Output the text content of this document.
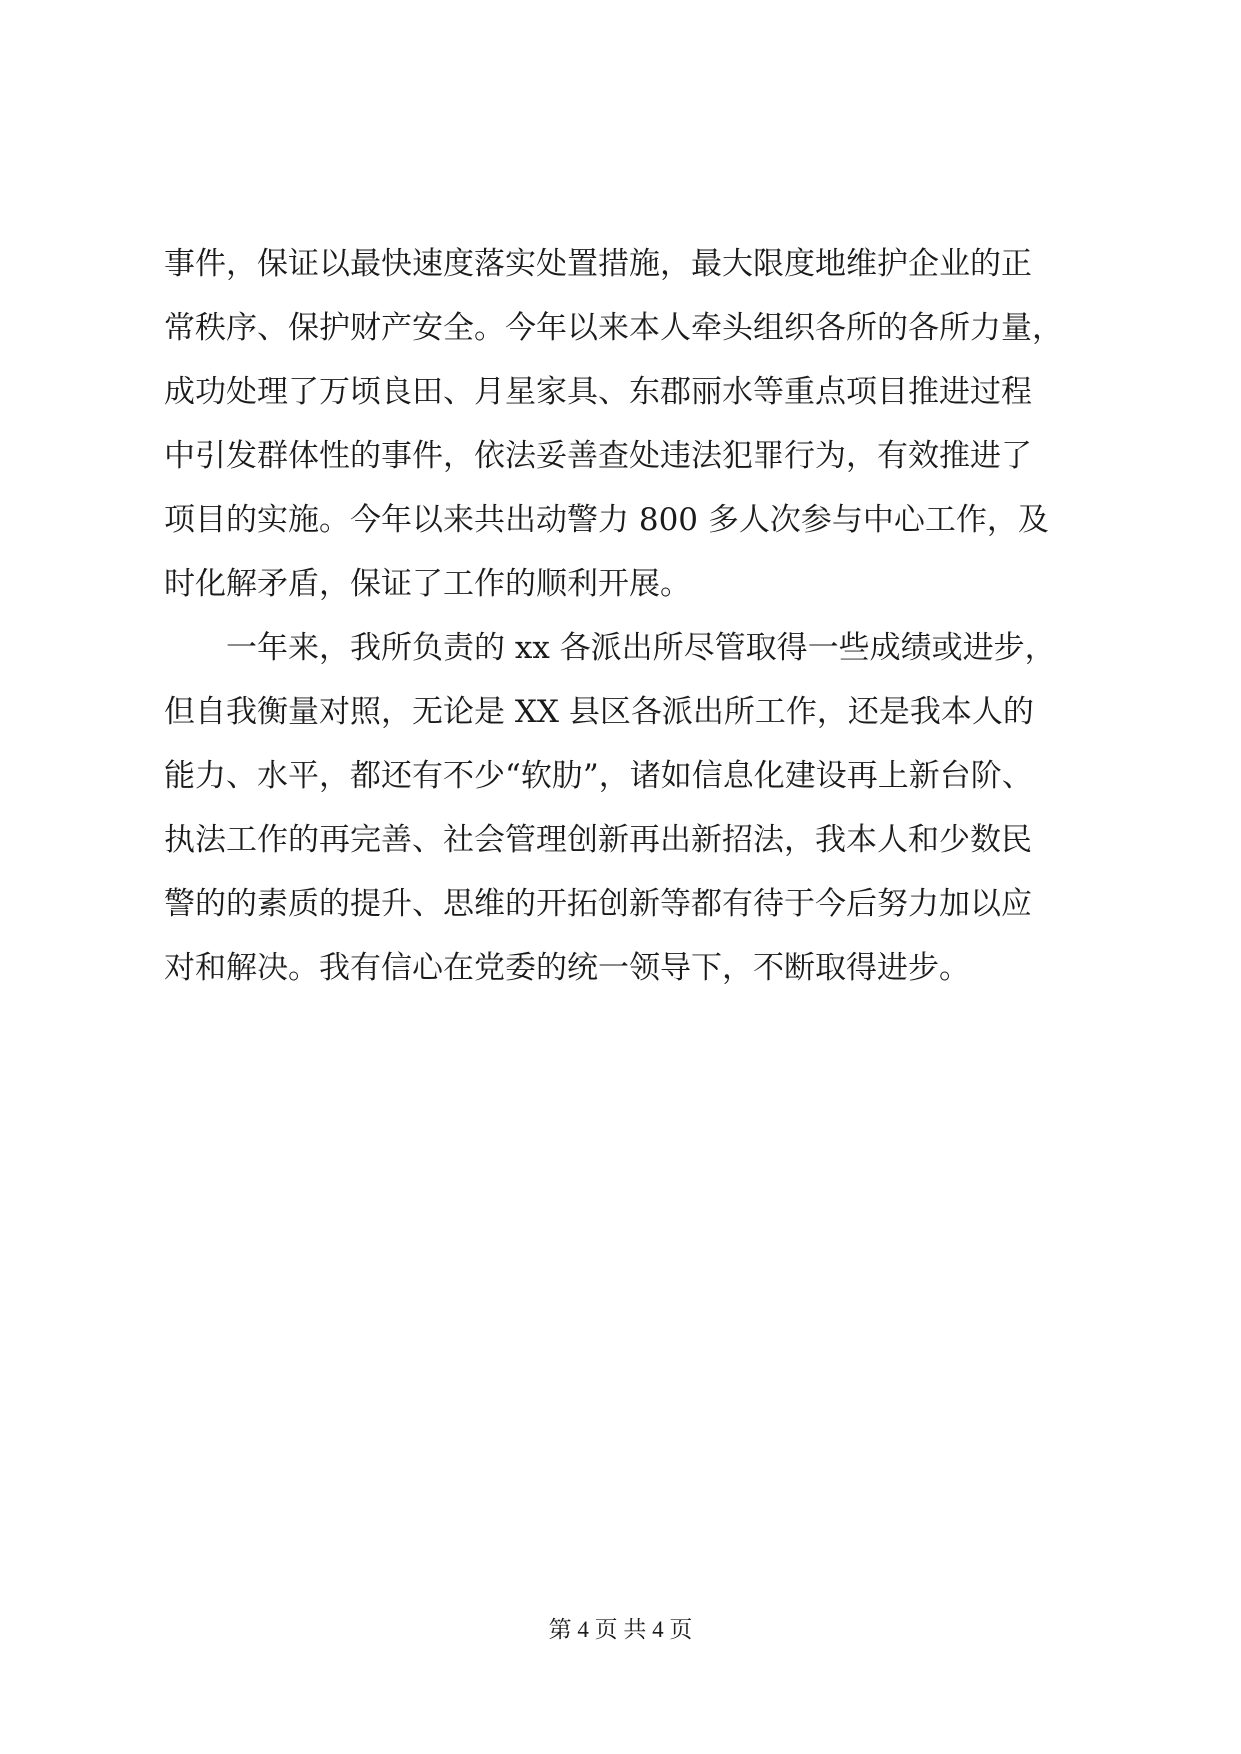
事件，保证以最快速度落实处置措施，最大限度地维护企业的正
常秩序、保护财产安全。今年以来本人牵头组织各所的各所力量，
成功处理了万顷良田、月星家具、东郡丽水等重点项目推进过程
中引发群体性的事件，依法妥善查处违法犯罪行为，有效推进了
项目的实施。今年以来共出动警力 800 多人次参与中心工作，及
时化解矛盾，保证了工作的顺利开展。
一年来，我所负责的 xx 各派出所尽管取得一些成绩或进步，
但自我衡量对照，无论是 XX 县区各派出所工作，还是我本人的
能力、水平，都还有不少“软肋”，诸如信息化建设再上新台阶、
执法工作的再完善、社会管理创新再出新招法，我本人和少数民
警的的素质的提升、思维的开拓创新等都有待于今后努力加以应
对和解决。我有信心在党委的统一领导下，不断取得进步。
第 4 页 共 4 页
